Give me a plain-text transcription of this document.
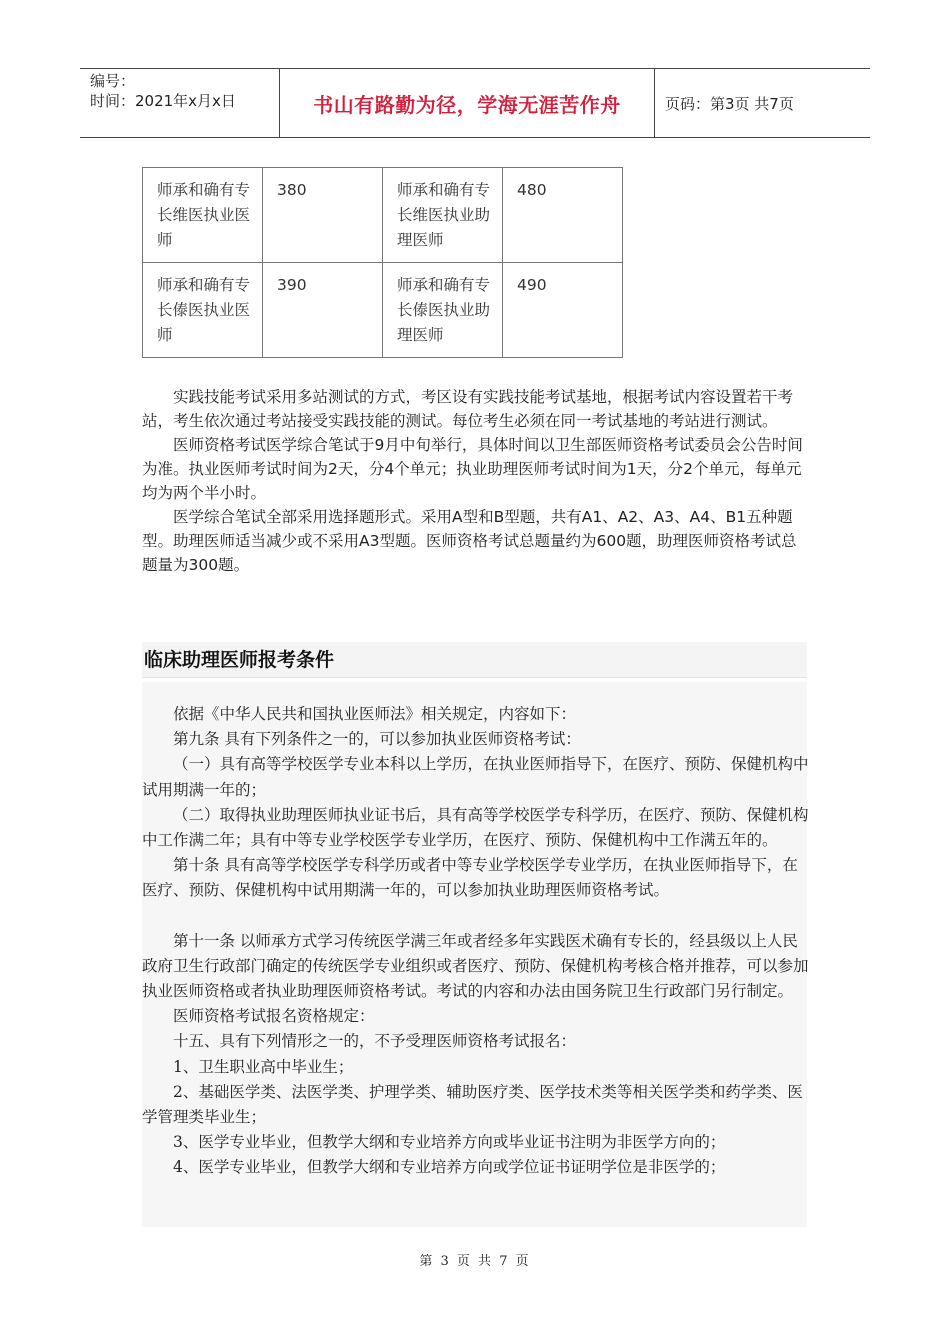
编号：
时间：2021年x月x日	书山有路勤为径，学海无涯苦作舟	页码：第3页 共7页
师承和确有专长维医执业医师	380	师承和确有专长维医执业助理医师	480
师承和确有专长傣医执业医师	390	师承和确有专长傣医执业助理医师	490

实践技能考试采用多站测试的方式，考区设有实践技能考试基地，根据考试内容设置若干考站，考生依次通过考站接受实践技能的测试。每位考生必须在同一考试基地的考站进行测试。

医师资格考试医学综合笔试于9月中旬举行，具体时间以卫生部医师资格考试委员会公告时间为准。执业医师考试时间为2天，分4个单元；执业助理医师考试时间为1天，分2个单元，每单元均为两个半小时。

医学综合笔试全部采用选择题形式。采用A型和B型题，共有A1、A2、A3、A4、B1五种题型。助理医师适当减少或不采用A3型题。医师资格考试总题量约为600题，助理医师资格考试总题量为300题。

临床助理医师报考条件

依据《中华人民共和国执业医师法》相关规定，内容如下：

第九条 具有下列条件之一的，可以参加执业医师资格考试：

（一）具有高等学校医学专业本科以上学历，在执业医师指导下，在医疗、预防、保健机构中试用期满一年的；

（二）取得执业助理医师执业证书后，具有高等学校医学专科学历，在医疗、预防、保健机构中工作满二年；具有中等专业学校医学专业学历，在医疗、预防、保健机构中工作满五年的。

第十条 具有高等学校医学专科学历或者中等专业学校医学专业学历，在执业医师指导下，在医疗、预防、保健机构中试用期满一年的，可以参加执业助理医师资格考试。

第十一条 以师承方式学习传统医学满三年或者经多年实践医术确有专长的，经县级以上人民政府卫生行政部门确定的传统医学专业组织或者医疗、预防、保健机构考核合格并推荐，可以参加执业医师资格或者执业助理医师资格考试。考试的内容和办法由国务院卫生行政部门另行制定。

医师资格考试报名资格规定：

十五、具有下列情形之一的，不予受理医师资格考试报名：

1、卫生职业高中毕业生；

2、基础医学类、法医学类、护理学类、辅助医疗类、医学技术类等相关医学类和药学类、医学管理类毕业生；

3、医学专业毕业，但教学大纲和专业培养方向或毕业证书注明为非医学方向的；

4、医学专业毕业，但教学大纲和专业培养方向或学位证书证明学位是非医学的；

第 3 页 共 7 页
